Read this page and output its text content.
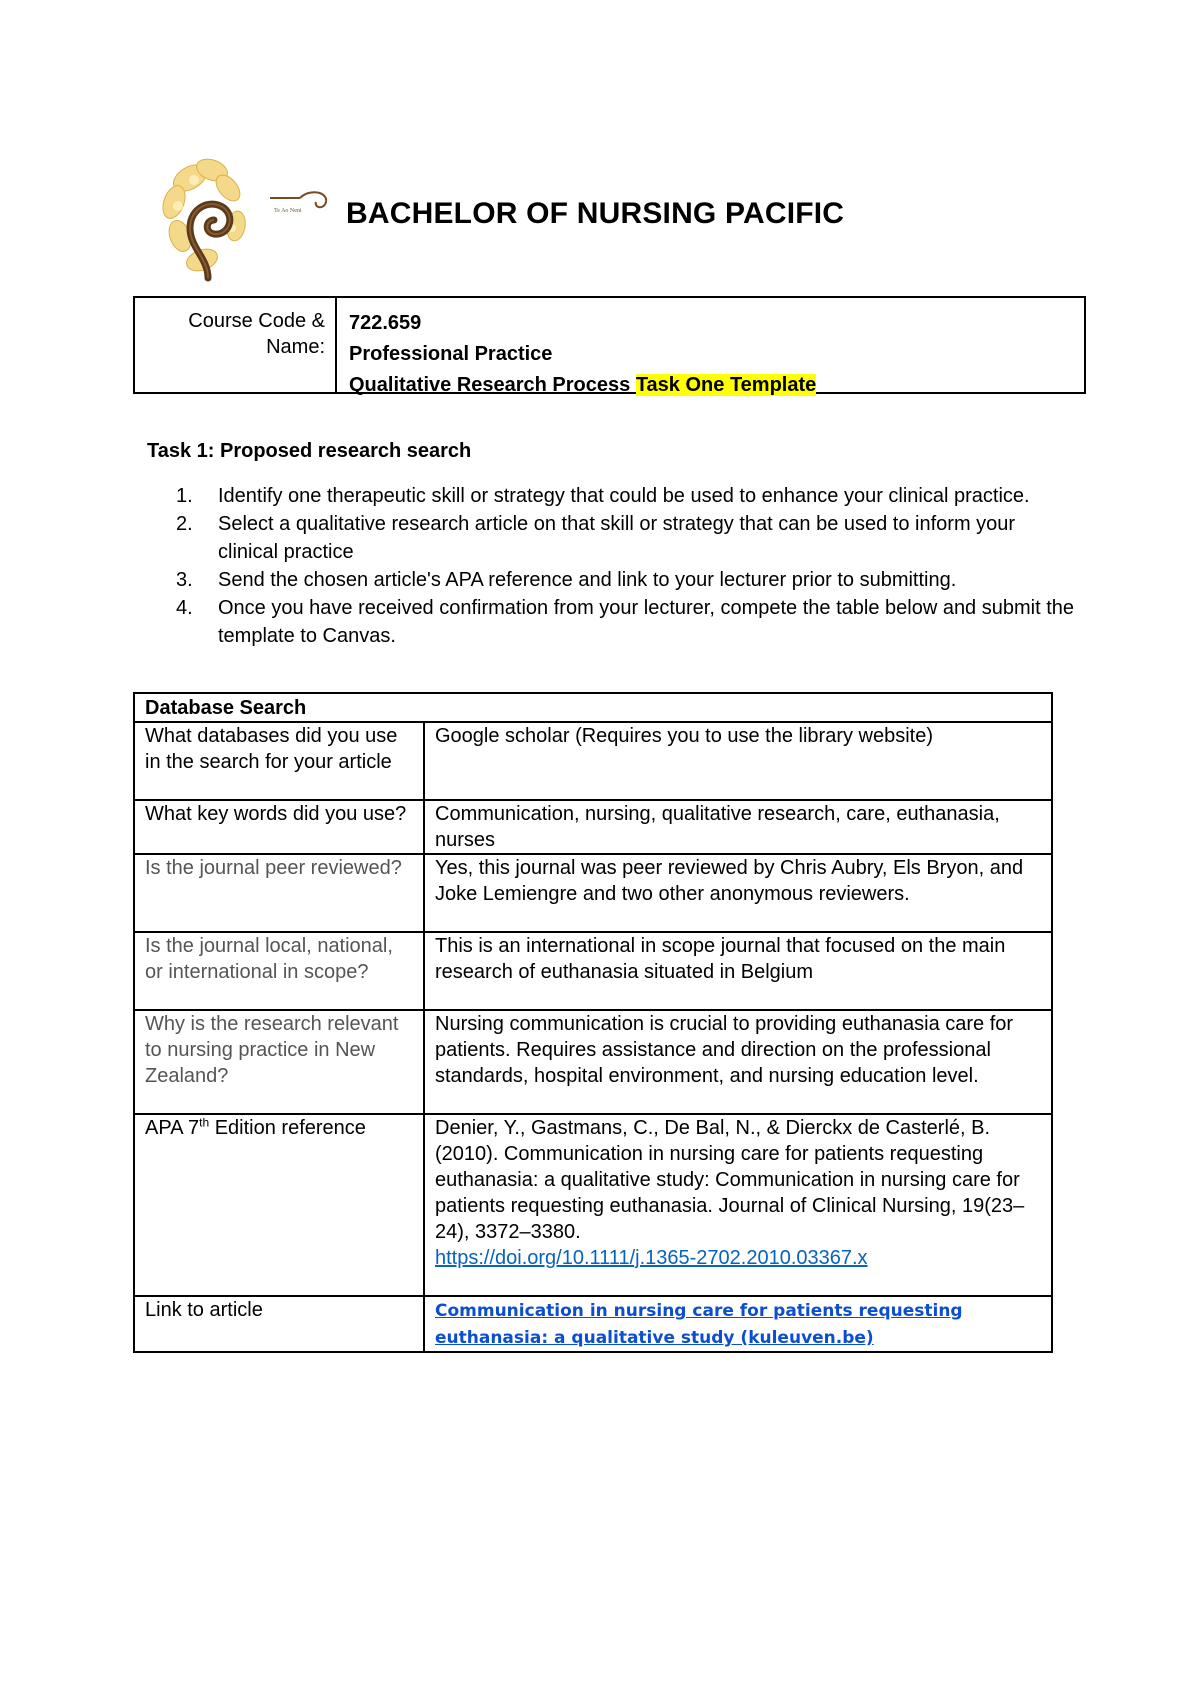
Te Ao Neni BACHELOR OF NURSING PACIFIC
Course Code & Name:
722.659
Professional Practice
Qualitative Research Process Task One Template
Task 1: Proposed research search
1.	Identify one therapeutic skill or strategy that could be used to enhance your clinical practice.
2.	Select a qualitative research article on that skill or strategy that can be used to inform your clinical practice
3.	Send the chosen article's APA reference and link to your lecturer prior to submitting.
4.	Once you have received confirmation from your lecturer, compete the table below and submit the template to Canvas.
Database Search	
What databases did you use in the search for your article	Google scholar (Requires you to use the library website)
What key words did you use?	Communication, nursing, qualitative research, care, euthanasia, nurses
Is the journal peer reviewed?	Yes, this journal was peer reviewed by Chris Aubry, Els Bryon, and Joke Lemiengre and two other anonymous reviewers.
Is the journal local, national, or international in scope?	This is an international in scope journal that focused on the main research of euthanasia situated in Belgium
Why is the research relevant to nursing practice in New Zealand?	Nursing communication is crucial to providing euthanasia care for patients. Requires assistance and direction on the professional standards, hospital environment, and nursing education level.
APA 7th Edition reference	Denier, Y., Gastmans, C., De Bal, N., & Dierckx de Casterlé, B. (2010). Communication in nursing care for patients requesting euthanasia: a qualitative study: Communication in nursing care for patients requesting euthanasia. Journal of Clinical Nursing, 19(23–24), 3372–3380.
https://doi.org/10.1111/j.1365-2702.2010.03367.x
Link to article	Communication in nursing care for patients requesting euthanasia: a qualitative study (kuleuven.be)
